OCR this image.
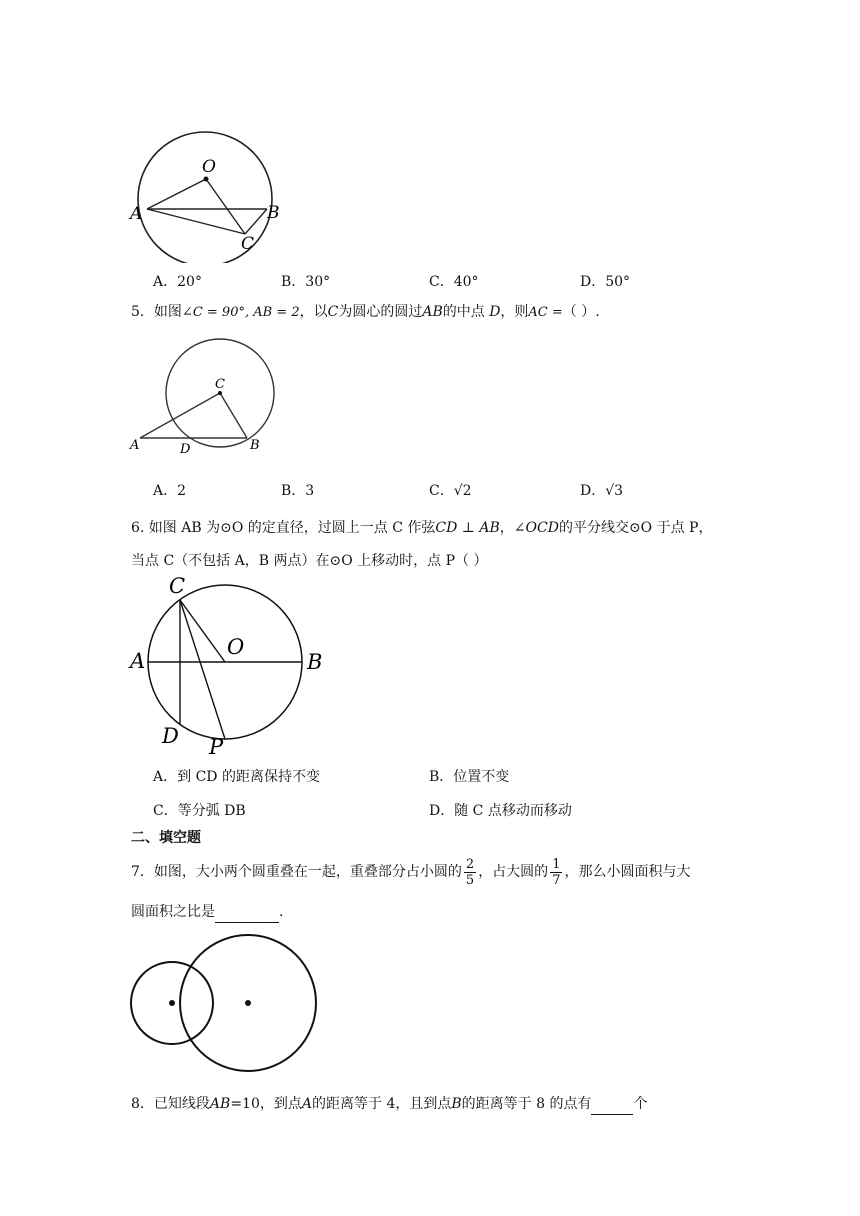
O
A	B
C
A．20°	B．30°	C．40°	D．50°
5．如图∠C = 90°, AB = 2，以C为圆心的圆过AB的中点 D，则AC =（ ）.
C
A	D	B
A．2	B．3	C．√2	D．√3
6. 如图 AB 为⊙O 的定直径，过圆上一点 C 作弦CD ⊥ AB，∠OCD的平分线交⊙O 于点 P，
当点 C（不包括 A，B 两点）在⊙O 上移动时，点 P（ ）
C
A
O
B
D P
A．到 CD 的距离保持不变	B．位置不变
C．等分弧 DB	D．随 C 点移动而移动
二、填空题
7．如图，大小两个圆重叠在一起，重叠部分占小圆的 $\frac{2}{5}$ ，占大圆的 $\frac{1}{7}$ ，那么小圆面积与大
圆面积之比是	.
8．已知线段AB=10，到点A的距离等于 4，且到点B的距离等于 8 的点有	个
